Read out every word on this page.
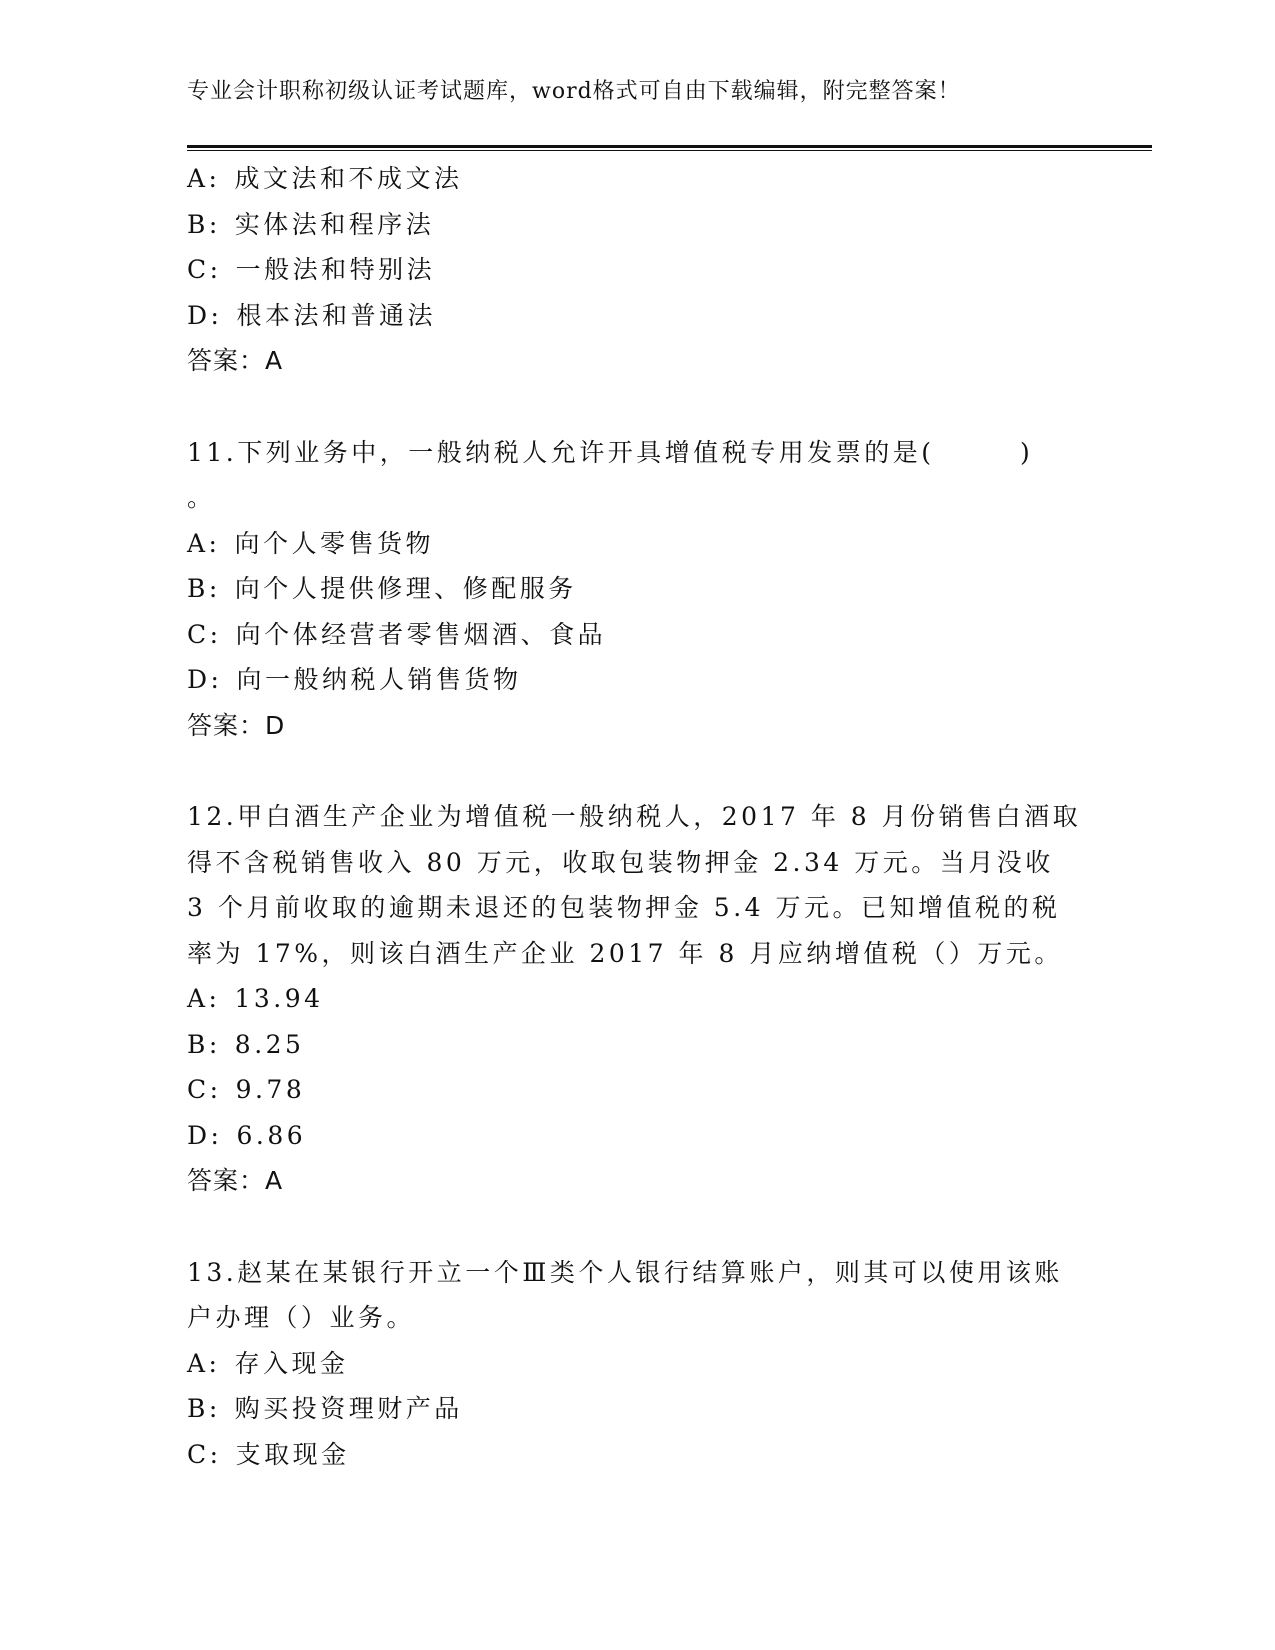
专业会计职称初级认证考试题库，word格式可自由下载编辑，附完整答案！
A: 成文法和不成文法
B: 实体法和程序法
C: 一般法和特别法
D: 根本法和普通法
答案：A
11.下列业务中，一般纳税人允许开具增值税专用发票的是(　　　)
。
A: 向个人零售货物
B: 向个人提供修理、修配服务
C: 向个体经营者零售烟酒、食品
D: 向一般纳税人销售货物
答案：D
12.甲白酒生产企业为增值税一般纳税人，2017 年 8 月份销售白酒取
得不含税销售收入 80 万元，收取包装物押金 2.34 万元。当月没收
3 个月前收取的逾期未退还的包装物押金 5.4 万元。已知增值税的税
率为 17%，则该白酒生产企业 2017 年 8 月应纳增值税（）万元。
A: 13.94
B: 8.25
C: 9.78
D: 6.86
答案：A
13.赵某在某银行开立一个Ⅲ类个人银行结算账户，则其可以使用该账
户办理（）业务。
A: 存入现金
B: 购买投资理财产品
C: 支取现金
